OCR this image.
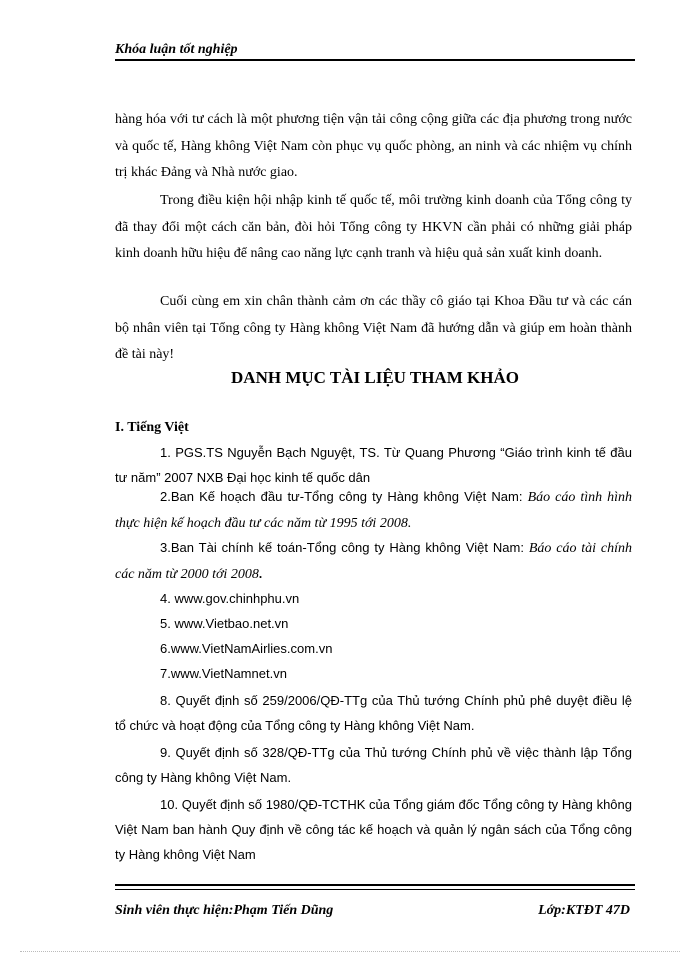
Khóa luận tốt nghiệp

hàng hóa với tư cách là một phương tiện vận tải công cộng giữa các địa phương trong nước và quốc tế, Hàng không Việt Nam còn phục vụ quốc phòng, an ninh và các nhiệm vụ chính trị khác Đảng và Nhà nước giao.

Trong điều kiện hội nhập kinh tế quốc tế, môi trường kinh doanh của Tổng công ty đã thay đổi một cách căn bản, đòi hỏi Tổng công ty HKVN cần phải có những giải pháp kinh doanh hữu hiệu để nâng cao năng lực cạnh tranh và hiệu quả sản xuất kinh doanh.

Cuối cùng em xin chân thành cảm ơn các thầy cô giáo tại Khoa Đầu tư và các cán bộ nhân viên tại Tổng công ty Hàng không Việt Nam đã hướng dẫn và giúp em hoàn thành đề tài này!

DANH MỤC TÀI LIỆU THAM KHẢO
I. Tiếng Việt

1. PGS.TS Nguyễn Bạch Nguyệt, TS. Từ Quang Phương “Giáo trình kinh tế đầu tư năm” 2007 NXB Đại học kinh tế quốc dân

2.Ban Kế hoạch đầu tư-Tổng công ty Hàng không Việt Nam: Báo cáo tình hình thực hiện kế hoạch đầu tư các năm từ 1995 tới 2008.

3.Ban Tài chính kế toán-Tổng công ty Hàng không Việt Nam: Báo cáo tài chính các năm từ 2000 tới 2008.

4. www.gov.chinhphu.vn

5. www.Vietbao.net.vn

6.www.VietNamAirlies.com.vn

7.www.VietNamnet.vn

8. Quyết định số 259/2006/QĐ-TTg của Thủ tướng Chính phủ phê duyệt điều lệ tổ chức và hoạt động của Tổng công ty Hàng không Việt Nam.

9. Quyết định số 328/QĐ-TTg của Thủ tướng Chính phủ về việc thành lập Tổng công ty Hàng không Việt Nam.

10. Quyết định số 1980/QĐ-TCTHK của Tổng giám đốc Tổng công ty Hàng không Việt Nam ban hành Quy định về công tác kế hoạch và quản lý ngân sách của Tổng công ty Hàng không Việt Nam

Sinh viên thực hiện:Phạm Tiến Dũng	Lớp:KTĐT 47D
